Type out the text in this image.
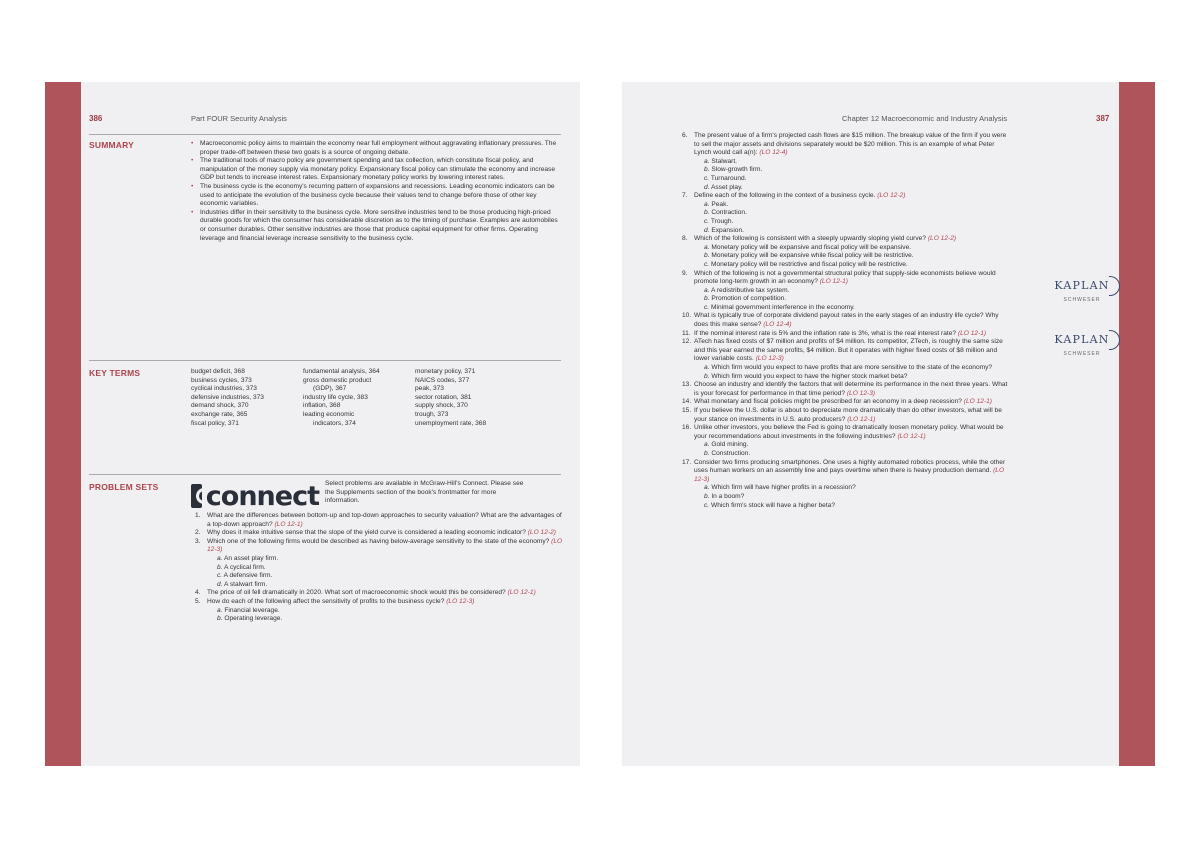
386	Part FOUR Security Analysis
SUMMARY
•	Macroeconomic policy aims to maintain the economy near full employment without aggravating inflationary pressures. The proper trade-off between these two goals is a source of ongoing debate.
• The traditional tools of macro policy are government spending and tax collection, which constitute fiscal policy, and manipulation of the money supply via monetary policy. Expansionary fiscal policy can stimulate the economy and increase GDP but tends to increase interest rates. Expansionary monetary policy works by lowering interest rates.
• The business cycle is the economy's recurring pattern of expansions and recessions. Leading economic indicators can be used to anticipate the evolution of the business cycle because their values tend to change before those of other key economic variables.
• Industries differ in their sensitivity to the business cycle. More sensitive industries tend to be those producing high-priced durable goods for which the consumer has considerable discretion as to the timing of purchase. Examples are automobiles or consumer durables. Other sensitive industries are those that produce capital equipment for other firms. Operating leverage and financial leverage increase sensitivity to the business cycle.
KEY TERMS	budget deficit, 368
business cycles, 373
cyclical industries, 373
defensive industries, 373
demand shock, 370
exchange rate, 365
fiscal policy, 371
fundamental analysis, 364
gross domestic product
(GDP), 367
industry life cycle, 383
inflation, 368
leading economic
indicators, 374
monetary policy, 371
NAICS codes, 377
peak, 373
sector rotation, 381
supply shock, 370
trough, 373
unemployment rate, 368
PROBLEM SETS connect Select problems are available in McGraw-Hill's Connect. Please see the Supplements section of the book's frontmatter for more information.
1. What are the differences between bottom-up and top-down approaches to security valuation? What are the advantages of a top-down approach? (LO 12-1)
2. Why does it make intuitive sense that the slope of the yield curve is considered a leading economic indicator? (LO 12-2)
3. Which one of the following firms would be described as having below-average sensitivity to the state of the economy? (LO 12-3)
a. An asset play firm.
b. A cyclical firm.
c. A defensive firm.
d. A stalwart firm.
4. The price of oil fell dramatically in 2020. What sort of macroeconomic shock would this be considered? (LO 12-1)
5. How do each of the following affect the sensitivity of profits to the business cycle? (LO 12-3)
a. Financial leverage.
b. Operating leverage.
Chapter 12 Macroeconomic and Industry Analysis	387
KAPLAN
SCHWESER
KAPLAN
SCHWESER
6. The present value of a firm's projected cash flows are $15 million. The breakup value of the firm if you were to sell the major assets and divisions separately would be $20 million. This is an example of what Peter Lynch would call a(n): (LO 12-4)
a. Stalwart.
b. Slow-growth firm.
c. Turnaround.
d. Asset play.
7. Define each of the following in the context of a business cycle. (LO 12-2)
a. Peak.
b. Contraction.
c. Trough.
d. Expansion.
8. Which of the following is consistent with a steeply upwardly sloping yield curve? (LO 12-2)
a. Monetary policy will be expansive and fiscal policy will be expansive.
b. Monetary policy will be expansive while fiscal policy will be restrictive.
c. Monetary policy will be restrictive and fiscal policy will be restrictive.
9. Which of the following is not a governmental structural policy that supply-side economists believe would promote long-term growth in an economy? (LO 12-1)
a. A redistributive tax system.
b. Promotion of competition.
c. Minimal government interference in the economy.
10. What is typically true of corporate dividend payout rates in the early stages of an industry life cycle? Why does this make sense? (LO 12-4)
11. If the nominal interest rate is 5% and the inflation rate is 3%, what is the real interest rate? (LO 12-1)
12. ATech has fixed costs of $7 million and profits of $4 million. Its competitor, ZTech, is roughly the same size and this year earned the same profits, $4 million. But it operates with higher fixed costs of $8 million and lower variable costs. (LO 12-3)
a. Which firm would you expect to have profits that are more sensitive to the state of the economy?
b. Which firm would you expect to have the higher stock market beta?
13. Choose an industry and identify the factors that will determine its performance in the next three years. What is your forecast for performance in that time period? (LO 12-3)
14. What monetary and fiscal policies might be prescribed for an economy in a deep recession? (LO 12-1)
15. If you believe the U.S. dollar is about to depreciate more dramatically than do other investors, what will be your stance on investments in U.S. auto producers? (LO 12-1)
16. Unlike other investors, you believe the Fed is going to dramatically loosen monetary policy. What would be your recommendations about investments in the following industries? (LO 12-1)
a. Gold mining.
b. Construction.
17. Consider two firms producing smartphones. One uses a highly automated robotics process, while the other uses human workers on an assembly line and pays overtime when there is heavy production demand. (LO 12-3)
a. Which firm will have higher profits in a recession?
b. In a boom?
c. Which firm's stock will have a higher beta?
